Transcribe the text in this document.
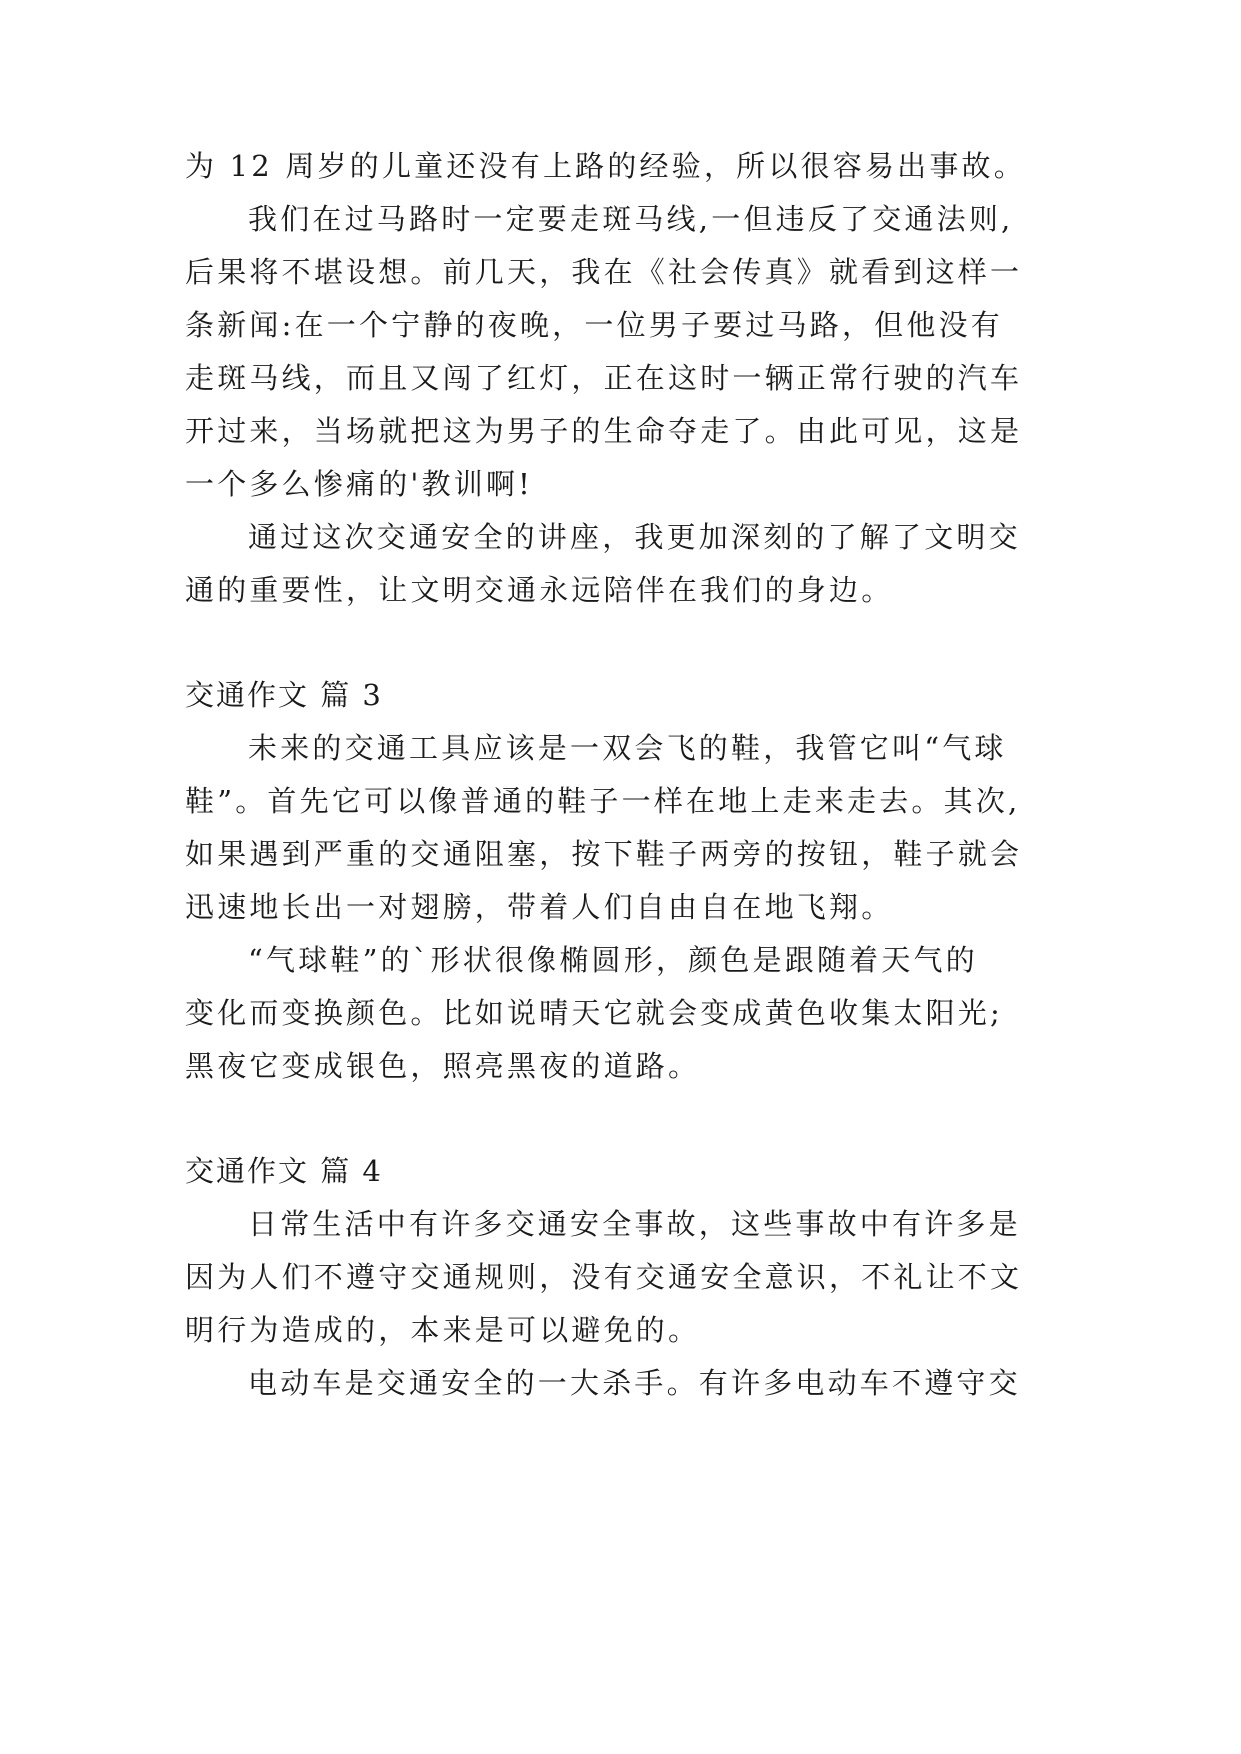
为 12 周岁的儿童还没有上路的经验，所以很容易出事故。
我们在过马路时一定要走斑马线,一但违反了交通法则,
后果将不堪设想。前几天，我在《社会传真》就看到这样一
条新闻:在一个宁静的夜晚，一位男子要过马路，但他没有
走斑马线，而且又闯了红灯，正在这时一辆正常行驶的汽车
开过来，当场就把这为男子的生命夺走了。由此可见，这是
一个多么惨痛的'教训啊!
通过这次交通安全的讲座，我更加深刻的了解了文明交
通的重要性，让文明交通永远陪伴在我们的身边。
交通作文 篇 3
未来的交通工具应该是一双会飞的鞋，我管它叫“气球
鞋”。首先它可以像普通的鞋子一样在地上走来走去。其次,
如果遇到严重的交通阻塞，按下鞋子两旁的按钮，鞋子就会
迅速地长出一对翅膀，带着人们自由自在地飞翔。
“气球鞋”的`形状很像椭圆形，颜色是跟随着天气的
变化而变换颜色。比如说晴天它就会变成黄色收集太阳光;
黑夜它变成银色，照亮黑夜的道路。
交通作文 篇 4
日常生活中有许多交通安全事故，这些事故中有许多是
因为人们不遵守交通规则，没有交通安全意识，不礼让不文
明行为造成的，本来是可以避免的。
电动车是交通安全的一大杀手。有许多电动车不遵守交
